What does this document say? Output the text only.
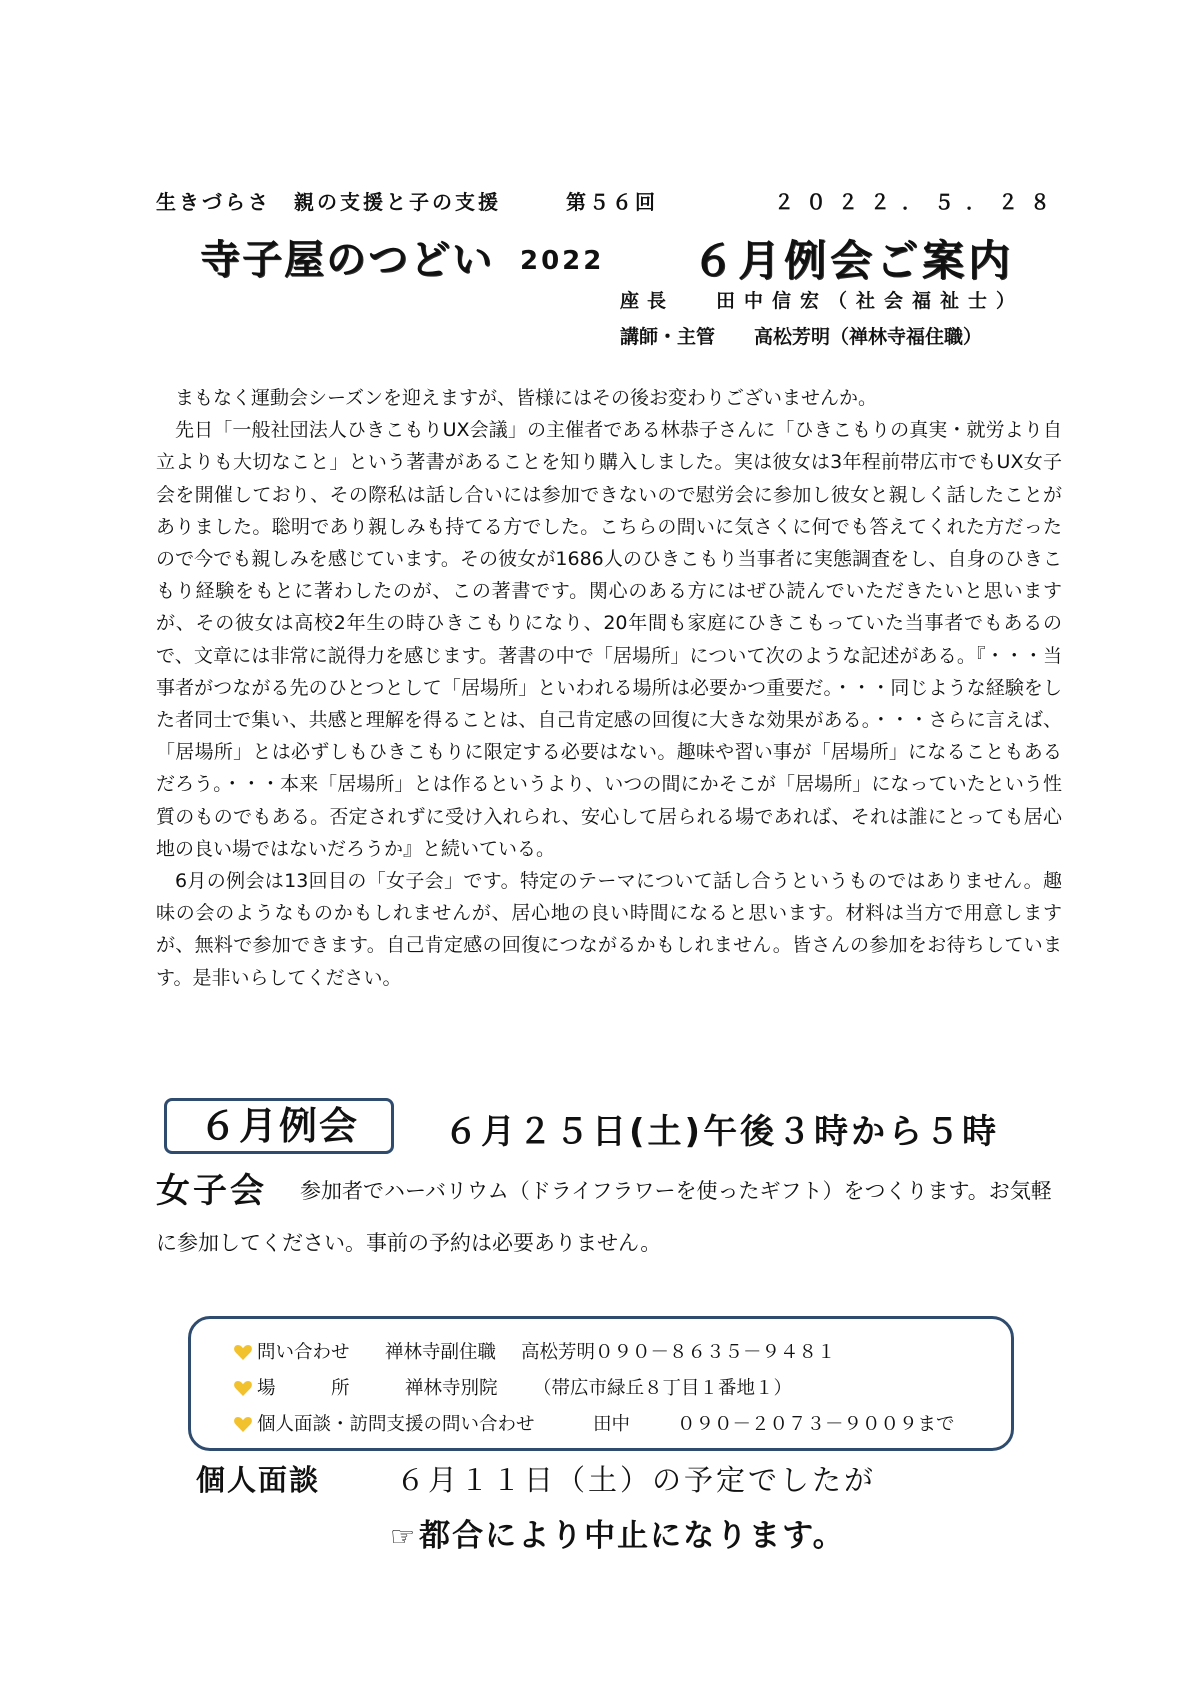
生きづらさ　親の支援と子の支援	第５６回	２０２２．５．２８
寺子屋のつどい 2022 ６月例会ご案内
座長 田中信宏（社会福祉士）
講師・主管 高松芳明（禅林寺福住職）

まもなく運動会シーズンを迎えますが、皆様にはその後お変わりございませんか。

先日「一般社団法人ひきこもりUX会議」の主催者である林恭子さんに「ひきこもりの真実・就労より自立よりも大切なこと」という著書があることを知り購入しました。実は彼女は3年程前帯広市でもUX女子会を開催しており、その際私は話し合いには参加できないので慰労会に参加し彼女と親しく話したことがありました。聡明であり親しみも持てる方でした。こちらの問いに気さくに何でも答えてくれた方だったので今でも親しみを感じています。その彼女が1686人のひきこもり当事者に実態調査をし、自身のひきこもり経験をもとに著わしたのが、この著書です。関心のある方にはぜひ読んでいただきたいと思いますが、その彼女は高校2年生の時ひきこもりになり、20年間も家庭にひきこもっていた当事者でもあるので、文章には非常に説得力を感じます。著書の中で「居場所」について次のような記述がある。『・・・当事者がつながる先のひとつとして「居場所」といわれる場所は必要かつ重要だ。・・・同じような経験をした者同士で集い、共感と理解を得ることは、自己肯定感の回復に大きな効果がある。・・・さらに言えば、「居場所」とは必ずしもひきこもりに限定する必要はない。趣味や習い事が「居場所」になることもあるだろう。・・・本来「居場所」とは作るというより、いつの間にかそこが「居場所」になっていたという性質のものでもある。否定されずに受け入れられ、安心して居られる場であれば、それは誰にとっても居心地の良い場ではないだろうか』と続いている。

6月の例会は13回目の「女子会」です。特定のテーマについて話し合うというものではありません。趣味の会のようなものかもしれませんが、居心地の良い時間になると思います。材料は当方で用意しますが、無料で参加できます。自己肯定感の回復につながるかもしれません。皆さんの参加をお待ちしています。是非いらしてください。

６月例会	６月２５日(土)午後３時から５時
女子会	参加者でハーバリウム（ドライフラワーを使ったギフト）をつくります。お気軽に参加してください。事前の予約は必要ありません。
問い合わせ 禅林寺副住職 高松芳明０９０－８６３５－９４８１
場　　　所	禅林寺別院 （帯広市緑丘８丁目１番地１）
個人面談・訪問支援の問い合わせ	田中	０９０－２０７３－９００９まで
個人面談	６月１１日（土）の予定でしたが
☞都合により中止になります。
